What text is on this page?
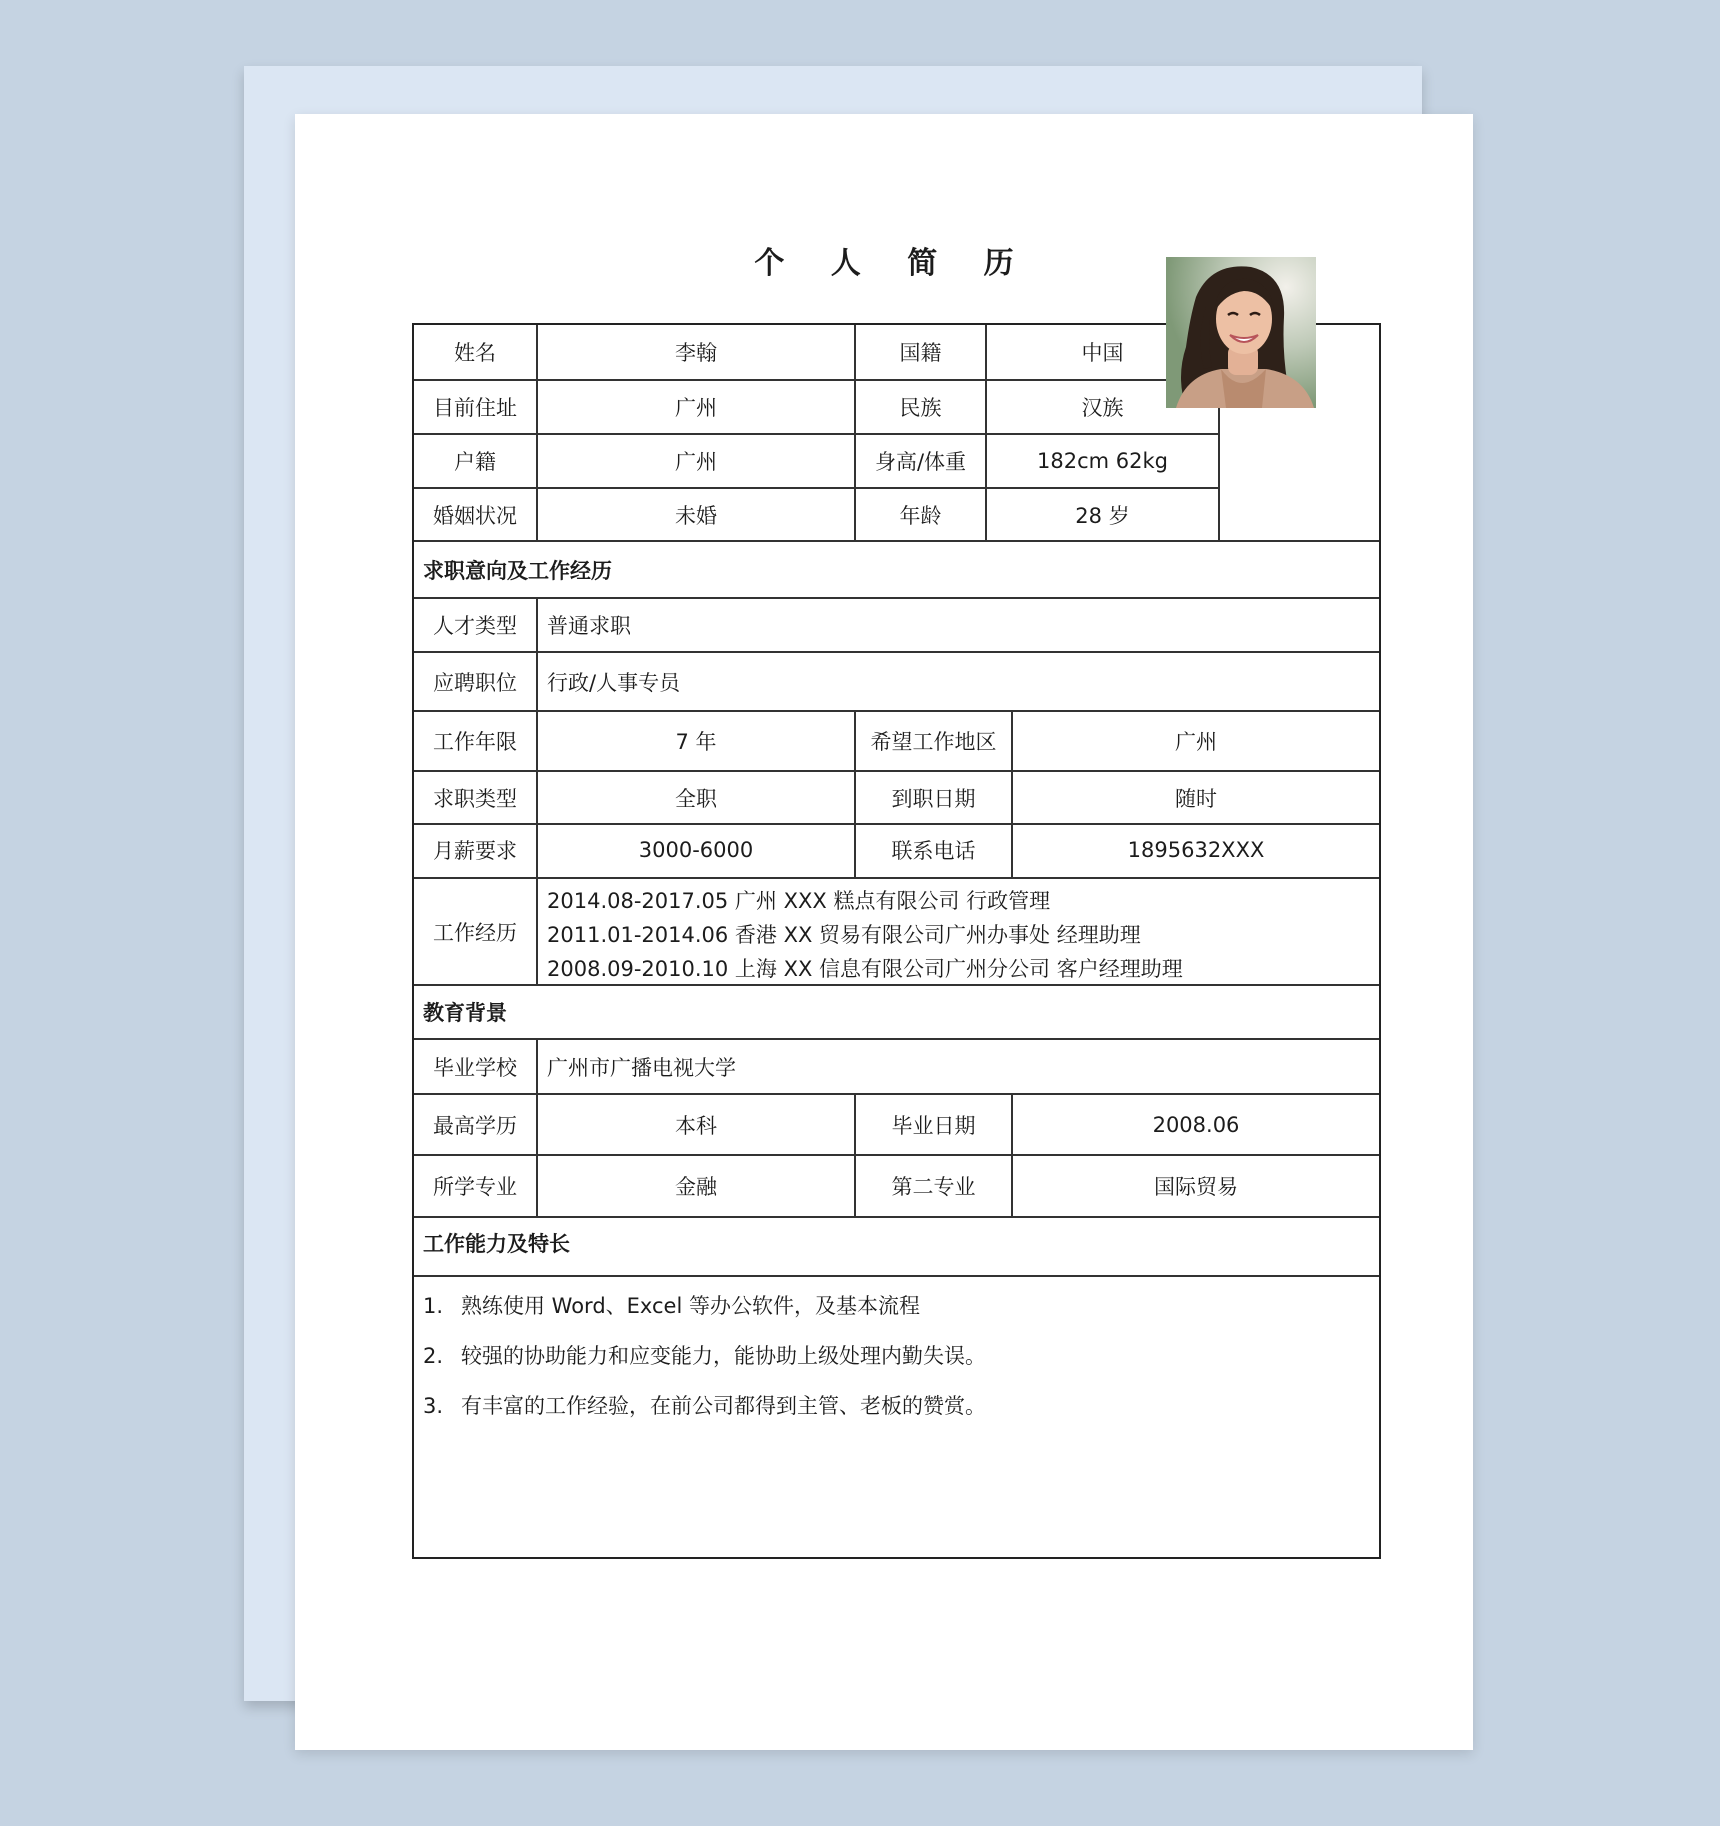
个 人 简 历
姓名	李翰	国籍	中国
目前住址	广州	民族	汉族
户籍	广州	身高/体重	182cm 62kg
婚姻状况	未婚	年龄	28 岁
求职意向及工作经历
人才类型	普通求职
应聘职位	行政/人事专员
工作年限	7 年	希望工作地区	广州
求职类型	全职	到职日期	随时
月薪要求	3000-6000	联系电话	1895632XXX
工作经历
2014.08-2017.05 广州 XXX 糕点有限公司 行政管理
2011.01-2014.06 香港 XX 贸易有限公司广州办事处 经理助理
2008.09-2010.10 上海 XX 信息有限公司广州分公司 客户经理助理
教育背景
毕业学校	广州市广播电视大学
最高学历	本科	毕业日期	2008.06
所学专业	金融	第二专业	国际贸易
工作能力及特长
1. 熟练使用 Word、Excel 等办公软件，及基本流程
2. 较强的协助能力和应变能力，能协助上级处理内勤失误。
3. 有丰富的工作经验，在前公司都得到主管、老板的赞赏。
